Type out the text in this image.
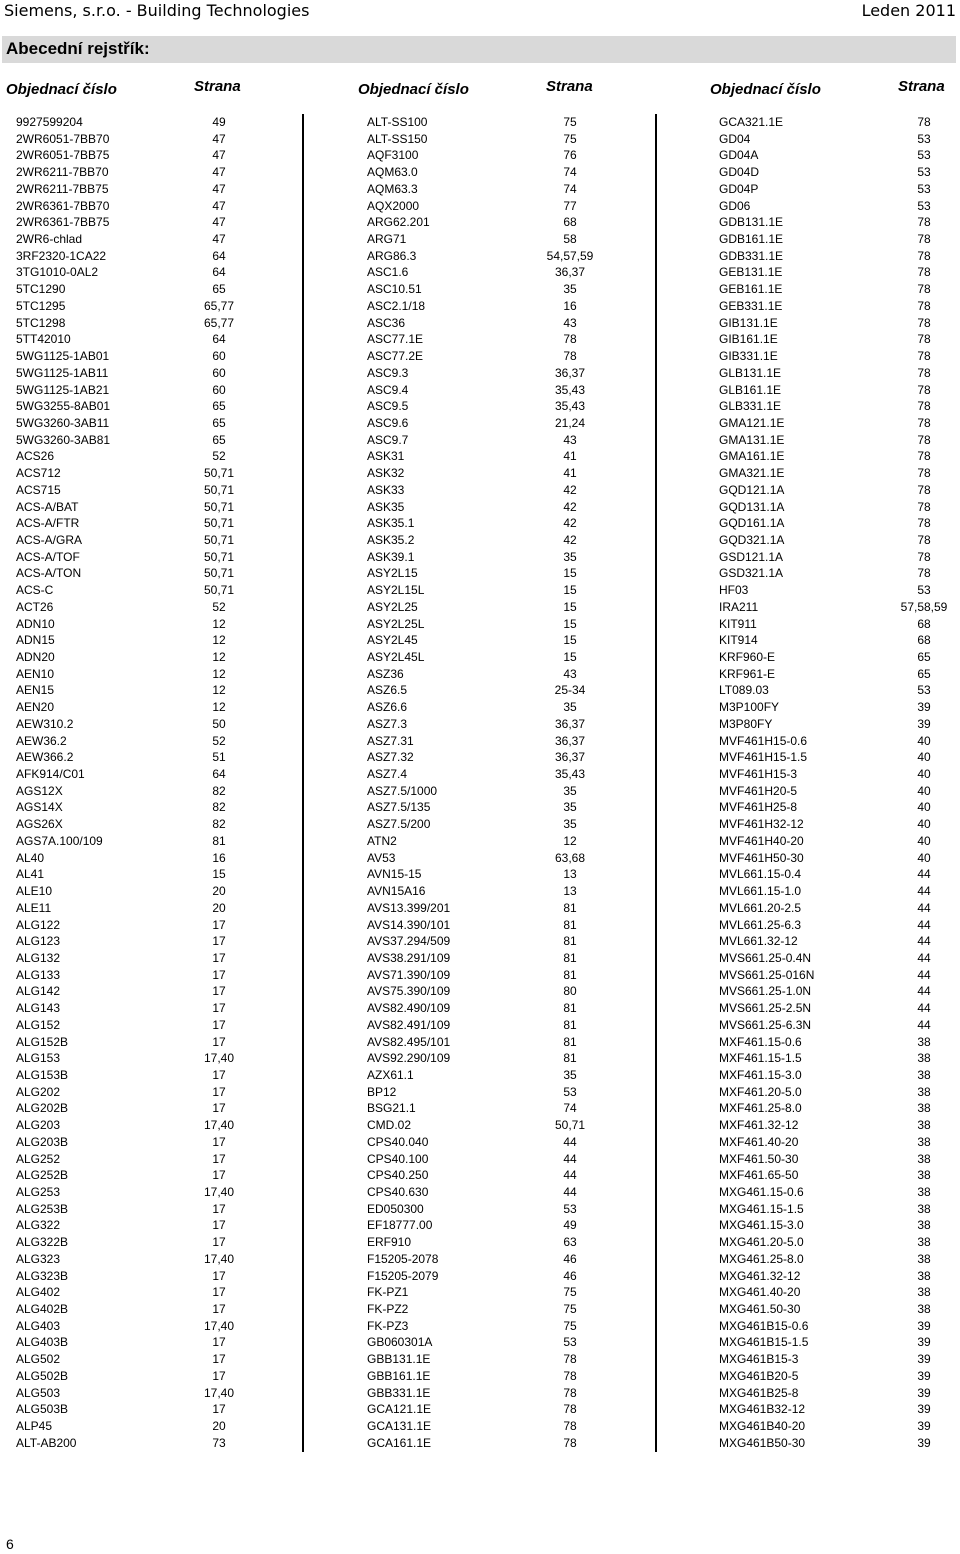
Siemens, s.r.o. - Building Technologies	Leden 2011
Abecední rejstřík:
Objednací číslo	Strana	Objednací číslo	Strana	Objednací číslo	Strana
9927599204	49
2WR6051-7BB70	47
2WR6051-7BB75	47
2WR6211-7BB70	47
2WR6211-7BB75	47
2WR6361-7BB70	47
2WR6361-7BB75	47
2WR6-chlad	47
3RF2320-1CA22	64
3TG1010-0AL2	64
5TC1290	65
5TC1295	65,77
5TC1298	65,77
5TT42010	64
5WG1125-1AB01	60
5WG1125-1AB11	60
5WG1125-1AB21	60
5WG3255-8AB01	65
5WG3260-3AB11	65
5WG3260-3AB81	65
ACS26	52
ACS712	50,71
ACS715	50,71
ACS-A/BAT	50,71
ACS-A/FTR	50,71
ACS-A/GRA	50,71
ACS-A/TOF	50,71
ACS-A/TON	50,71
ACS-C	50,71
ACT26	52
ADN10	12
ADN15	12
ADN20	12
AEN10	12
AEN15	12
AEN20	12
AEW310.2	50
AEW36.2	52
AEW366.2	51
AFK914/C01	64
AGS12X	82
AGS14X	82
AGS26X	82
AGS7A.100/109	81
AL40	16
AL41	15
ALE10	20
ALE11	20
ALG122	17
ALG123	17
ALG132	17
ALG133	17
ALG142	17
ALG143	17
ALG152	17
ALG152B	17
ALG153	17,40
ALG153B	17
ALG202	17
ALG202B	17
ALG203	17,40
ALG203B	17
ALG252	17
ALG252B	17
ALG253	17,40
ALG253B	17
ALG322	17
ALG322B	17
ALG323	17,40
ALG323B	17
ALG402	17
ALG402B	17
ALG403	17,40
ALG403B	17
ALG502	17
ALG502B	17
ALG503	17,40
ALG503B	17
ALP45	20
ALT-AB200	73
ALT-SS100	75
ALT-SS150	75
AQF3100	76
AQM63.0	74
AQM63.3	74
AQX2000	77
ARG62.201	68
ARG71	58
ARG86.3	54,57,59
ASC1.6	36,37
ASC10.51	35
ASC2.1/18	16
ASC36	43
ASC77.1E	78
ASC77.2E	78
ASC9.3	36,37
ASC9.4	35,43
ASC9.5	35,43
ASC9.6	21,24
ASC9.7	43
ASK31	41
ASK32	41
ASK33	42
ASK35	42
ASK35.1	42
ASK35.2	42
ASK39.1	35
ASY2L15	15
ASY2L15L	15
ASY2L25	15
ASY2L25L	15
ASY2L45	15
ASY2L45L	15
ASZ36	43
ASZ6.5	25-34
ASZ6.6	35
ASZ7.3	36,37
ASZ7.31	36,37
ASZ7.32	36,37
ASZ7.4	35,43
ASZ7.5/1000	35
ASZ7.5/135	35
ASZ7.5/200	35
ATN2	12
AV53	63,68
AVN15-15	13
AVN15A16	13
AVS13.399/201	81
AVS14.390/101	81
AVS37.294/509	81
AVS38.291/109	81
AVS71.390/109	81
AVS75.390/109	80
AVS82.490/109	81
AVS82.491/109	81
AVS82.495/101	81
AVS92.290/109	81
AZX61.1	35
BP12	53
BSG21.1	74
CMD.02	50,71
CPS40.040	44
CPS40.100	44
CPS40.250	44
CPS40.630	44
ED050300	53
EF18777.00	49
ERF910	63
F15205-2078	46
F15205-2079	46
FK-PZ1	75
FK-PZ2	75
FK-PZ3	75
GB060301A	53
GBB131.1E	78
GBB161.1E	78
GBB331.1E	78
GCA121.1E	78
GCA131.1E	78
GCA161.1E	78
GCA321.1E	78
GD04	53
GD04A	53
GD04D	53
GD04P	53
GD06	53
GDB131.1E	78
GDB161.1E	78
GDB331.1E	78
GEB131.1E	78
GEB161.1E	78
GEB331.1E	78
GIB131.1E	78
GIB161.1E	78
GIB331.1E	78
GLB131.1E	78
GLB161.1E	78
GLB331.1E	78
GMA121.1E	78
GMA131.1E	78
GMA161.1E	78
GMA321.1E	78
GQD121.1A	78
GQD131.1A	78
GQD161.1A	78
GQD321.1A	78
GSD121.1A	78
GSD321.1A	78
HF03	53
IRA211	57,58,59
KIT911	68
KIT914	68
KRF960-E	65
KRF961-E	65
LT089.03	53
M3P100FY	39
M3P80FY	39
MVF461H15-0.6	40
MVF461H15-1.5	40
MVF461H15-3	40
MVF461H20-5	40
MVF461H25-8	40
MVF461H32-12	40
MVF461H40-20	40
MVF461H50-30	40
MVL661.15-0.4	44
MVL661.15-1.0	44
MVL661.20-2.5	44
MVL661.25-6.3	44
MVL661.32-12	44
MVS661.25-0.4N	44
MVS661.25-016N	44
MVS661.25-1.0N	44
MVS661.25-2.5N	44
MVS661.25-6.3N	44
MXF461.15-0.6	38
MXF461.15-1.5	38
MXF461.15-3.0	38
MXF461.20-5.0	38
MXF461.25-8.0	38
MXF461.32-12	38
MXF461.40-20	38
MXF461.50-30	38
MXF461.65-50	38
MXG461.15-0.6	38
MXG461.15-1.5	38
MXG461.15-3.0	38
MXG461.20-5.0	38
MXG461.25-8.0	38
MXG461.32-12	38
MXG461.40-20	38
MXG461.50-30	38
MXG461B15-0.6	39
MXG461B15-1.5	39
MXG461B15-3	39
MXG461B20-5	39
MXG461B25-8	39
MXG461B32-12	39
MXG461B40-20	39
MXG461B50-30	39
6
